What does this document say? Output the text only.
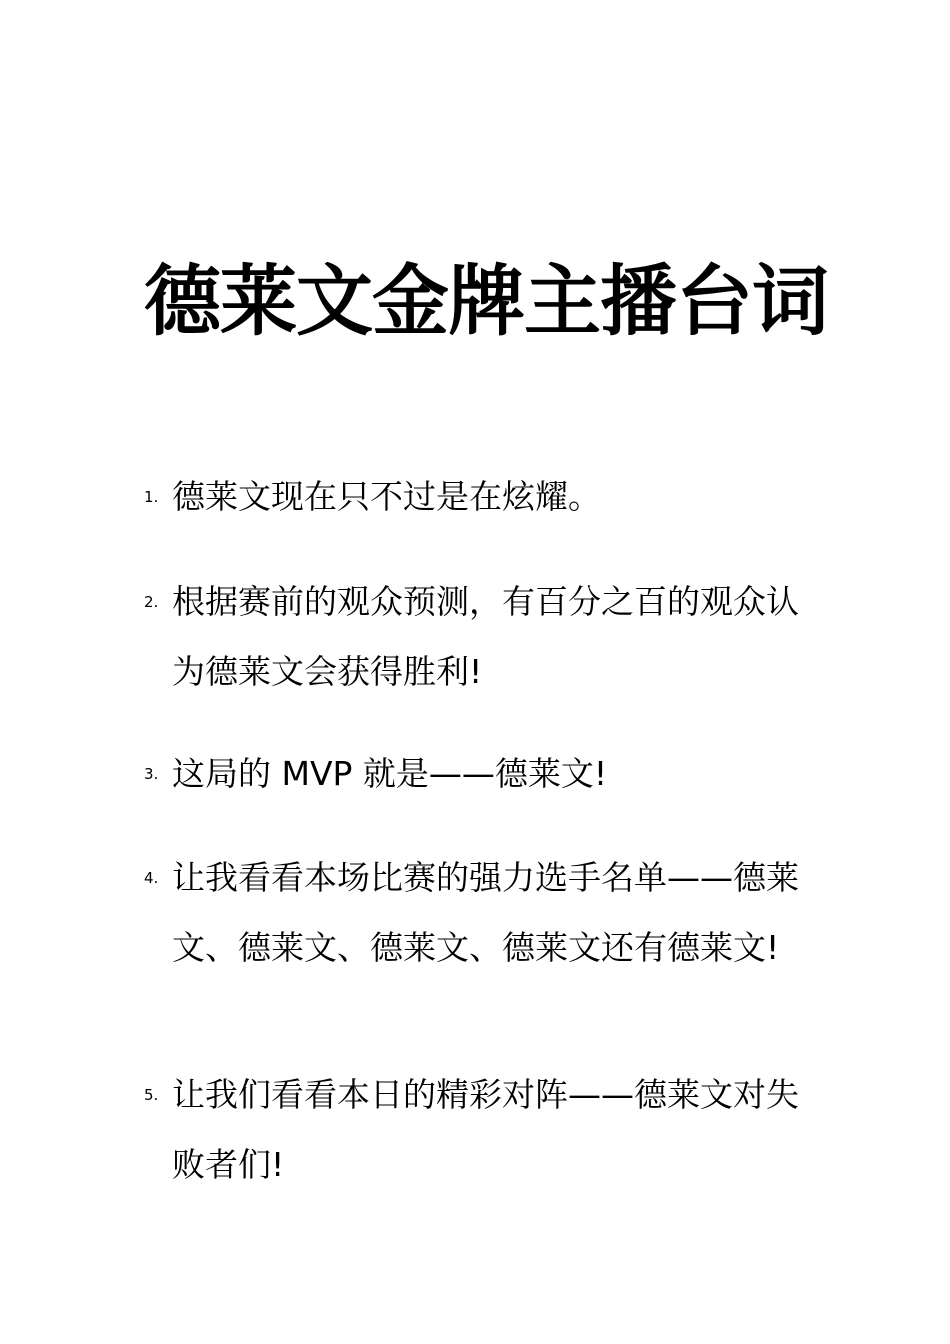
德莱文金牌主播台词
1. 德莱文现在只不过是在炫耀。

2. 根据赛前的观众预测，有百分之百的观众认为德莱文会获得胜利!

3. 这局的 MVP 就是——德莱文!

4. 让我看看本场比赛的强力选手名单——德莱文、德莱文、德莱文、德莱文还有德莱文!

5. 让我们看看本日的精彩对阵——德莱文对失败者们!
